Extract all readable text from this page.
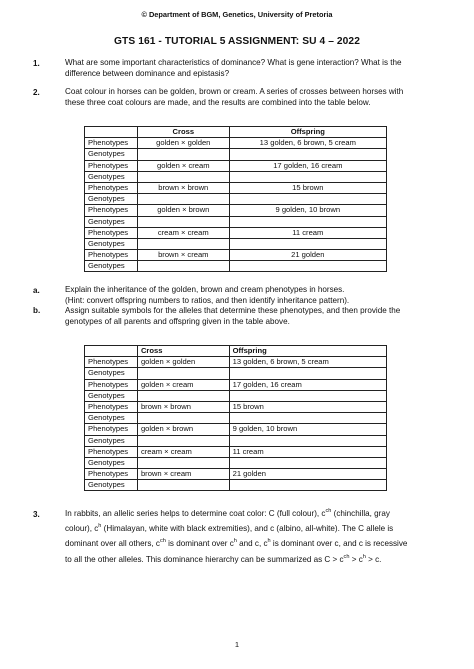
© Department of BGM, Genetics, University of Pretoria
GTS 161 - TUTORIAL 5 ASSIGNMENT: SU 4 – 2022
1.	What are some important characteristics of dominance? What is gene interaction? What is the
difference between dominance and epistasis?
2.	Coat colour in horses can be golden, brown or cream. A series of crosses between horses with
these three coat colours are made, and the results are combined into the table below.
	Cross	Offspring
Phenotypes	golden × golden	13 golden, 6 brown, 5 cream
Genotypes		
Phenotypes	golden × cream	17 golden, 16 cream
Genotypes		
Phenotypes	brown × brown	15 brown
Genotypes		
Phenotypes	golden × brown	9 golden, 10 brown
Genotypes		
Phenotypes	cream × cream	11 cream
Genotypes		
Phenotypes	brown × cream	21 golden
Genotypes		
a.	Explain the inheritance of the golden, brown and cream phenotypes in horses.
(Hint: convert offspring numbers to ratios, and then identify inheritance pattern).
b.	Assign suitable symbols for the alleles that determine these phenotypes, and then provide the
genotypes of all parents and offspring given in the table above.
	Cross	Offspring
Phenotypes	golden × golden	13 golden, 6 brown, 5 cream
Genotypes		
Phenotypes	golden × cream	17 golden, 16 cream
Genotypes		
Phenotypes	brown × brown	15 brown
Genotypes		
Phenotypes	golden × brown	9 golden, 10 brown
Genotypes		
Phenotypes	cream × cream	11 cream
Genotypes		
Phenotypes	brown × cream	21 golden
Genotypes		
3.	In rabbits, an allelic series helps to determine coat color: C (full colour), $c^{ch}$ (chinchilla, gray
colour), $c^h$ (Himalayan, white with black extremities), and c (albino, all-white). The C allele is
dominant over all others, $c^{ch}$ is dominant over $c^h$ and c, $c^h$ is dominant over c, and c is recessive
to all the other alleles. This dominance hierarchy can be summarized as $C > c^{ch} > c^h > c$.
1
